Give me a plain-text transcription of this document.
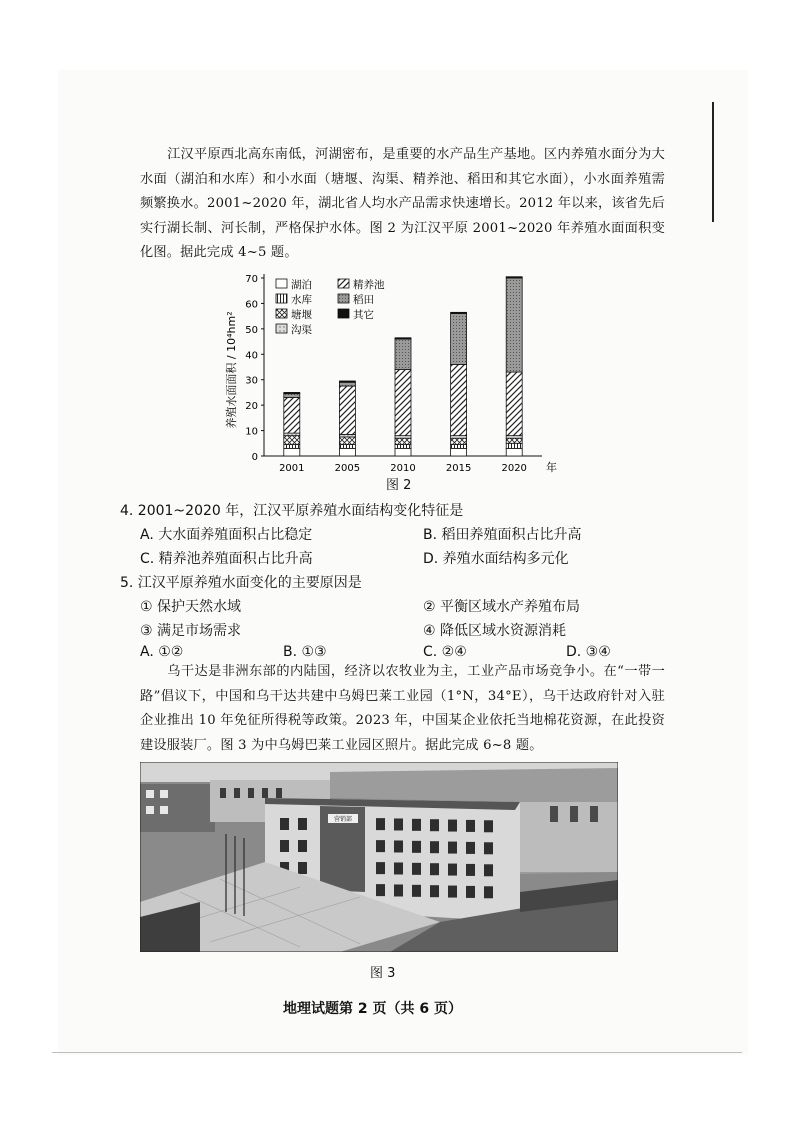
江汉平原西北高东南低，河湖密布，是重要的水产品生产基地。区内养殖水面分为大水面（湖泊和水库）和小水面（塘堰、沟渠、精养池、稻田和其它水面），小水面养殖需频繁换水。2001~2020 年，湖北省人均水产品需求快速增长。2012 年以来，该省先后实行湖长制、河长制，严格保护水体。图 2 为江汉平原 2001~2020 年养殖水面面积变化图。据此完成 4~5 题。

0
10
20
30
40
50
60
70
2001	2005	2010	2015	2020 年
湖泊	精养池
水库	稻田
塘堰	其它
沟渠
养殖水面面积 / 10⁴hm²
图 2
4. 2001~2020 年，江汉平原养殖水面结构变化特征是
A. 大水面养殖面积占比稳定	B. 稻田养殖面积占比升高
C. 精养池养殖面积占比升高	D. 养殖水面结构多元化
5. 江汉平原养殖水面变化的主要原因是
① 保护天然水域	② 平衡区域水产养殖布局
③ 满足市场需求	④ 降低区域水资源消耗
A. ①②	B. ①③	C. ②④	D. ③④

乌干达是非洲东部的内陆国，经济以农牧业为主，工业产品市场竞争小。在“一带一路”倡议下，中国和乌干达共建中乌姆巴莱工业园（1°N，34°E），乌干达政府针对入驻企业推出 10 年免征所得税等政策。2023 年，中国某企业依托当地棉花资源，在此投资建设服装厂。图 3 为中乌姆巴莱工业园区照片。据此完成 6~8 题。

营销部
图 3
地理试题第 2 页（共 6 页）
